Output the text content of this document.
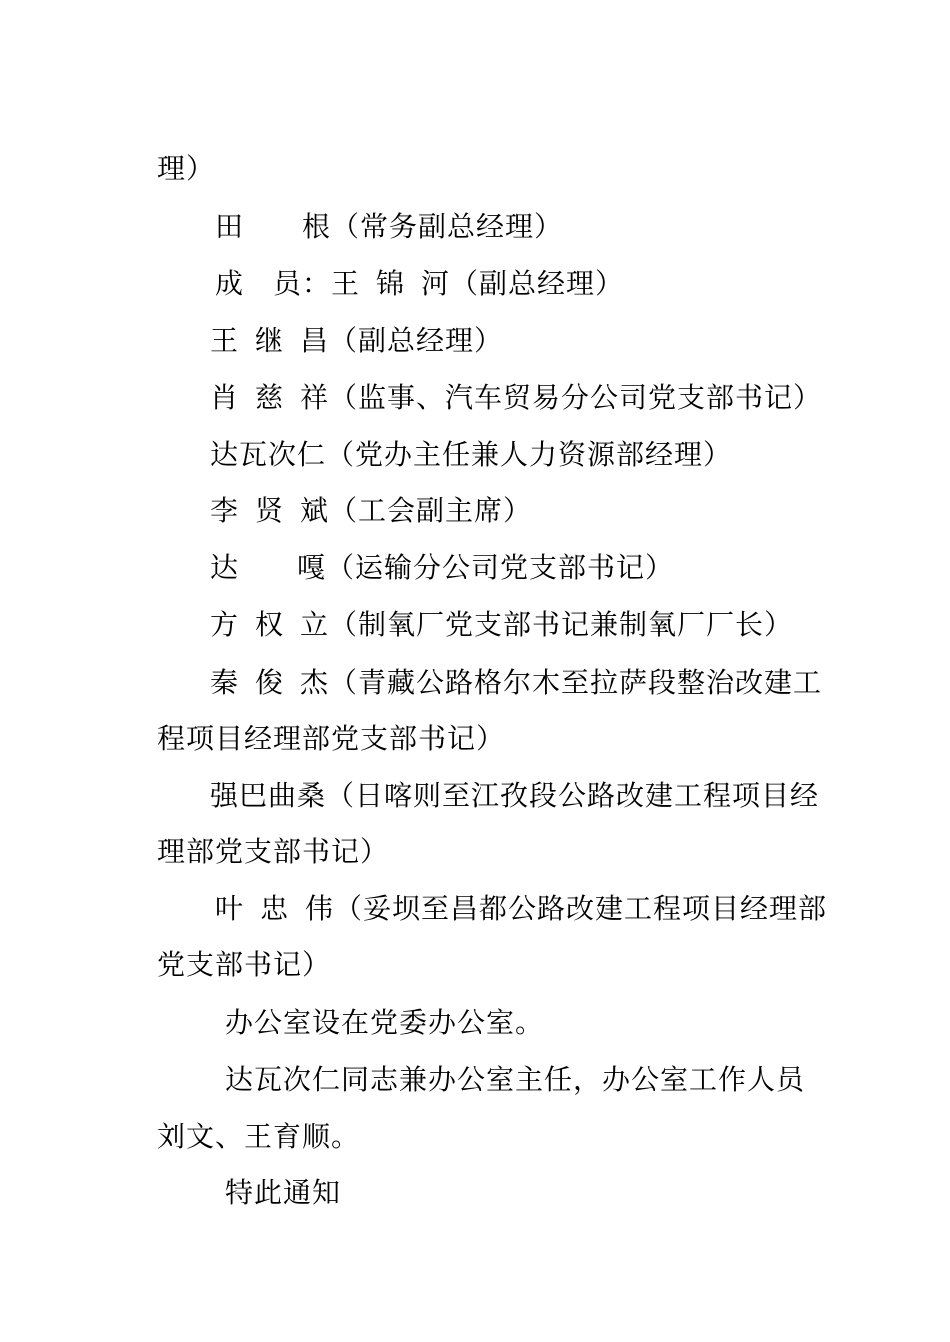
理）
田　　根（常务副总经理）
成　员：王 锦 河（副总经理）
王 继 昌（副总经理）
肖 慈 祥（监事、汽车贸易分公司党支部书记）
达瓦次仁（党办主任兼人力资源部经理）
李 贤 斌（工会副主席）
达　　嘎（运输分公司党支部书记）
方 权 立（制氧厂党支部书记兼制氧厂厂长）
秦 俊 杰（青藏公路格尔木至拉萨段整治改建工
程项目经理部党支部书记）
强巴曲桑（日喀则至江孜段公路改建工程项目经
理部党支部书记）
叶 忠 伟（妥坝至昌都公路改建工程项目经理部
党支部书记）
办公室设在党委办公室。
达瓦次仁同志兼办公室主任，办公室工作人员
刘文、王育顺。
特此通知
